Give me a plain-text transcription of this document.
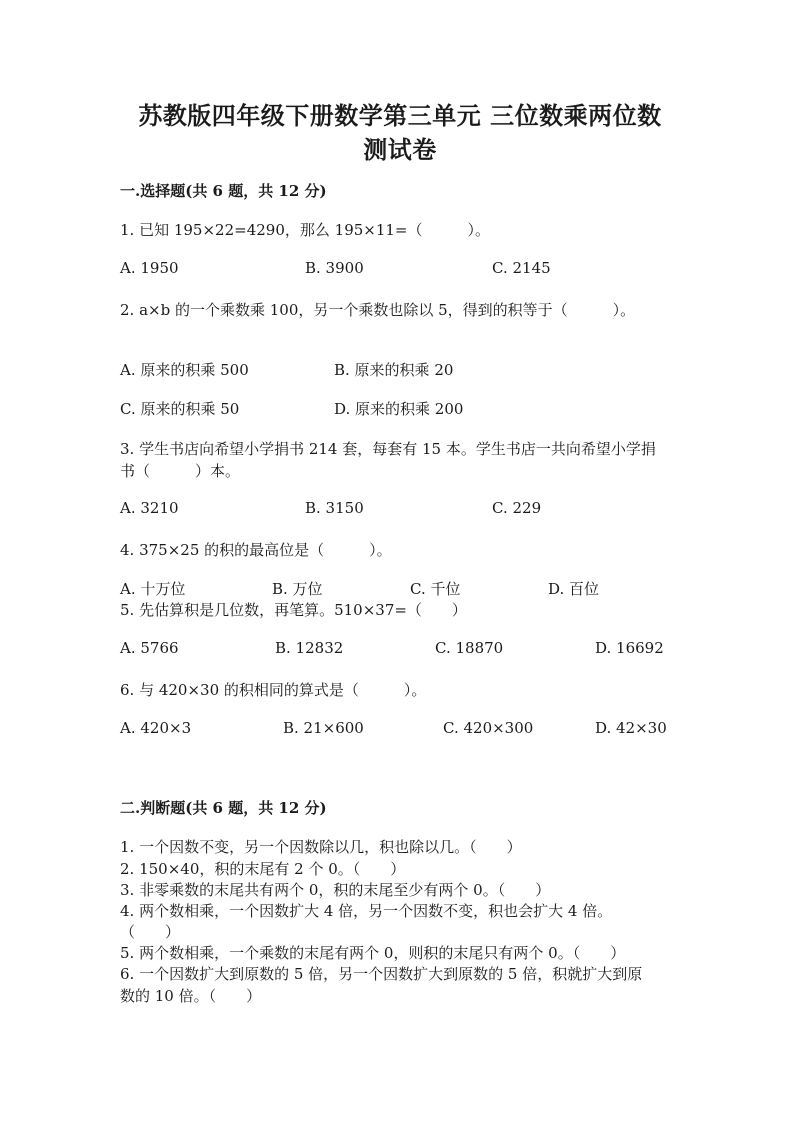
苏教版四年级下册数学第三单元 三位数乘两位数
测试卷
一.选择题(共 6 题，共 12 分)
1. 已知 195×22=4290，那么 195×11=（　　　）。
A. 1950	B. 3900	C. 2145
2. a×b 的一个乘数乘 100，另一个乘数也除以 5，得到的积等于（　　　）。
A. 原来的积乘 500	B. 原来的积乘 20
C. 原来的积乘 50	D. 原来的积乘 200
3. 学生书店向希望小学捐书 214 套，每套有 15 本。学生书店一共向希望小学捐
书（　　　）本。
A. 3210	B. 3150	C. 229
4. 375×25 的积的最高位是（　　　）。
A. 十万位	B. 万位	C. 千位	D. 百位
5. 先估算积是几位数，再笔算。510×37=（　　）
A. 5766	B. 12832	C. 18870	D. 16692
6. 与 420×30 的积相同的算式是（　　　）。
A. 420×3	B. 21×600	C. 420×300	D. 42×30
二.判断题(共 6 题，共 12 分)
1. 一个因数不变，另一个因数除以几，积也除以几。（　　）
2. 150×40，积的末尾有 2 个 0。（　　）
3. 非零乘数的末尾共有两个 0，积的末尾至少有两个 0。（　　）
4. 两个数相乘，一个因数扩大 4 倍，另一个因数不变，积也会扩大 4 倍。
（　　）
5. 两个数相乘，一个乘数的末尾有两个 0，则积的末尾只有两个 0。（　　）
6. 一个因数扩大到原数的 5 倍，另一个因数扩大到原数的 5 倍，积就扩大到原
数的 10 倍。（　　）
